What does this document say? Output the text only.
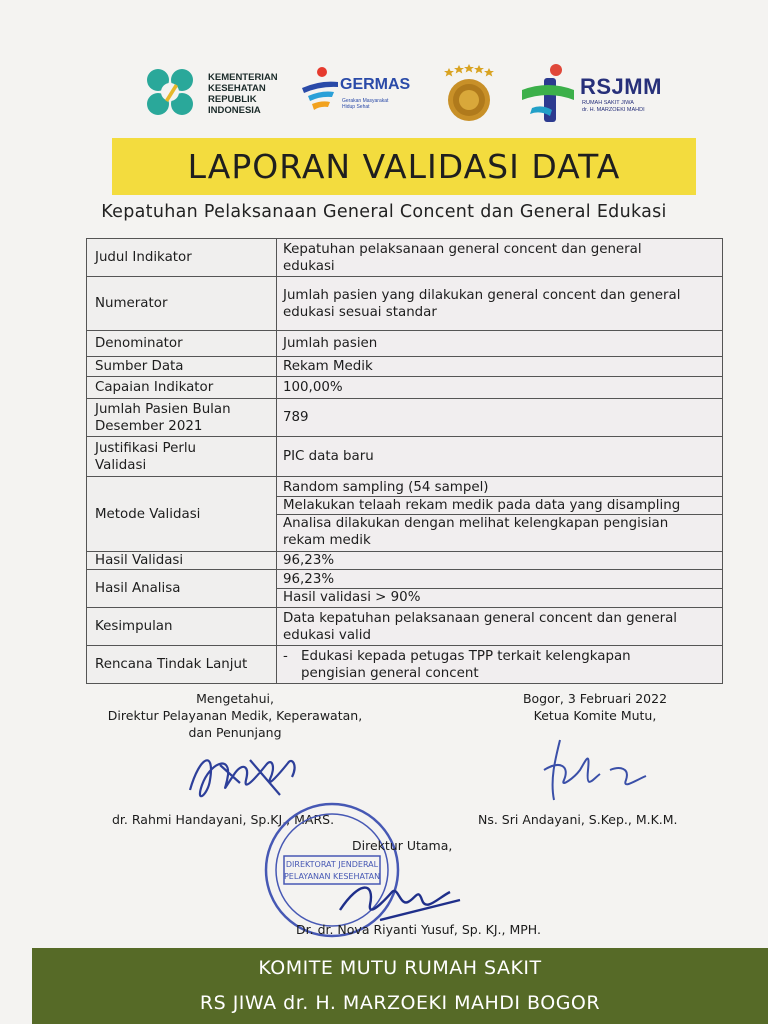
KEMENTERIAN
KESEHATAN
REPUBLIK
INDONESIA
GERMAS
Gerakan Masyarakat
Hidup Sehat
RSJMM
RUMAH SAKIT JIWA
dr. H. MARZOEKI MAHDI
LAPORAN VALIDASI DATA
Kepatuhan Pelaksanaan General Concent dan General Edukasi
Judul Indikator	Kepatuhan pelaksanaan general concent dan general
edukasi

Numerator	Jumlah pasien yang dilakukan general concent dan general
edukasi sesuai standar

Denominator	Jumlah pasien
Sumber Data	Rekam Medik
Capaian Indikator	100,00%

Jumlah Pasien Bulan
Desember 2021	789

Justifikasi Perlu
Validasi	PIC data baru
Metode Validasi	Random sampling (54 sampel)
Melakukan telaah rekam medik pada data yang disampling
Analisa dilakukan dengan melihat kelengkapan pengisian
rekam medik

Hasil Validasi	96,23%
Hasil Analisa	96,23%
Hasil validasi > 90%

Kesimpulan	Data kepatuhan pelaksanaan general concent dan general
edukasi valid

Rencana Tindak Lanjut	- Edukasi kepada petugas TPP terkait kelengkapan
pengisian general concent
Mengetahui,
Direktur Pelayanan Medik, Keperawatan,
dan Penunjang
Bogor, 3 Februari 2022
Ketua Komite Mutu,
dr. Rahmi Handayani, Sp.KJ., MARS.	Ns. Sri Andayani, S.Kep., M.K.M.
DIREKTORAT JENDERAL
PELAYANAN KESEHATAN
Direktur Utama,
Dr. dr. Nova Riyanti Yusuf, Sp. KJ., MPH.
KOMITE MUTU RUMAH SAKIT
RS JIWA dr. H. MARZOEKI MAHDI BOGOR
